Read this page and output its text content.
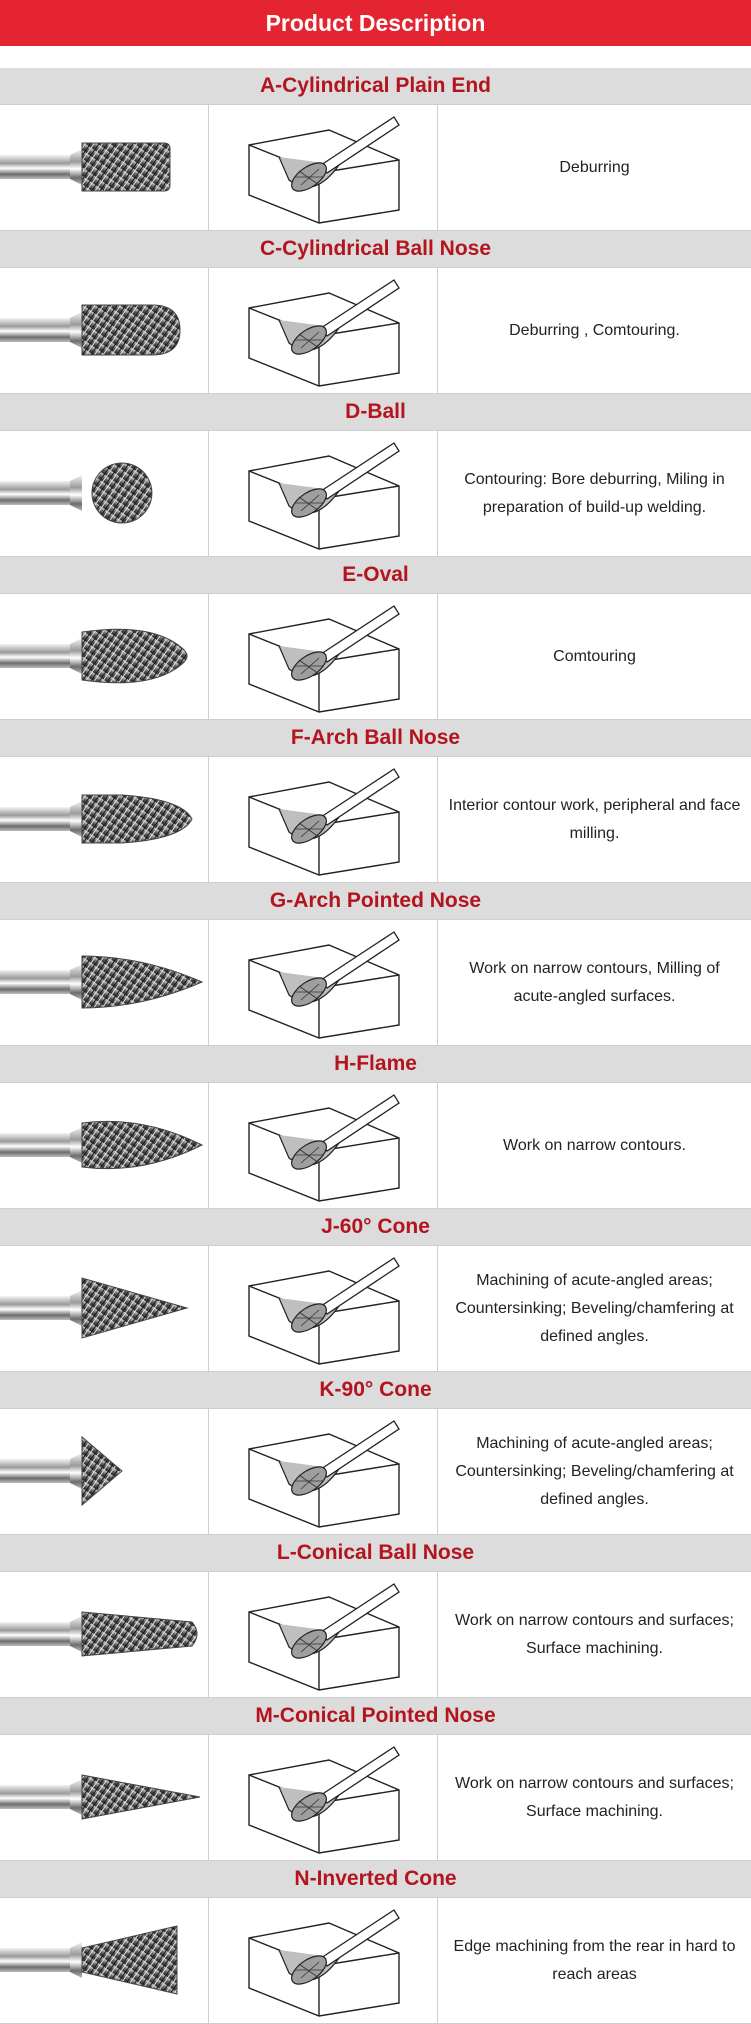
Product Description
A-Cylindrical Plain End
Deburring
C-Cylindrical Ball Nose
Deburring , Comtouring.
D-Ball
Contouring: Bore deburring, Miling in preparation of build-up welding.
E-Oval
Comtouring
F-Arch Ball Nose
Interior contour work, peripheral and face milling.
G-Arch Pointed Nose
Work on narrow contours, Milling of acute-angled surfaces.
H-Flame
Work on narrow contours.
J-60° Cone
Machining of acute-angled areas; Countersinking; Beveling/chamfering at defined angles.
K-90° Cone
Machining of acute-angled areas; Countersinking; Beveling/chamfering at defined angles.
L-Conical Ball Nose
Work on narrow contours and surfaces; Surface machining.
M-Conical Pointed Nose
Work on narrow contours and surfaces; Surface machining.
N-Inverted Cone
Edge machining from the rear in hard to reach areas
